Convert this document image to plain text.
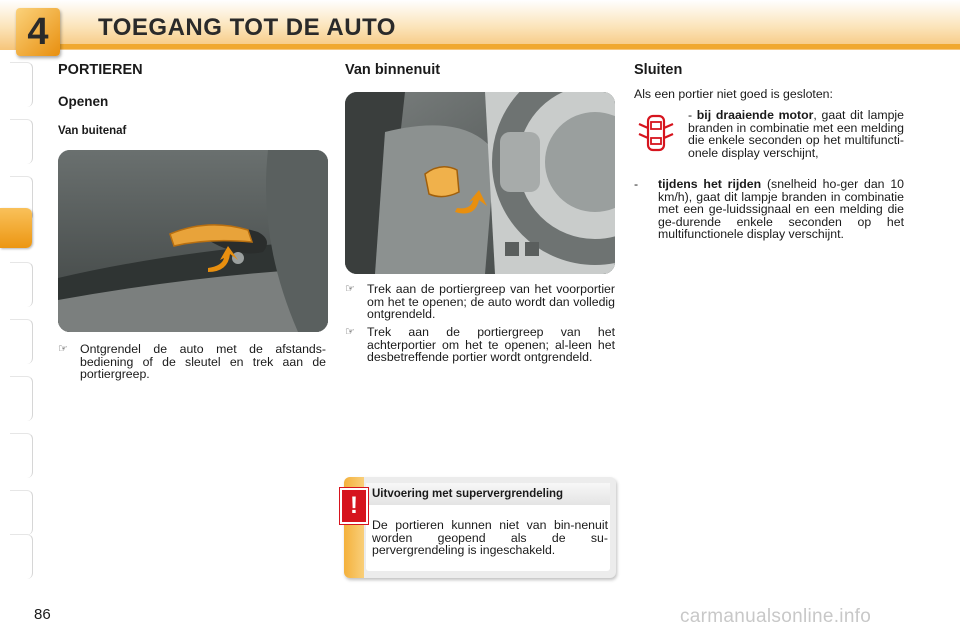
4	TOEGANG TOT DE AUTO
PORTIEREN
Openen
Van buitenaf
☞ Ontgrendel de auto met de afstands-bediening of de sleutel en trek aan de portiergreep.
Van binnenuit
☞ Trek aan de portiergreep van het voorportier om het te openen; de auto wordt dan volledig ontgrendeld.
☞ Trek aan de portiergreep van het achterportier om het te openen; al-leen het desbetreffende portier wordt ontgrendeld.
Sluiten
Als een portier niet goed is gesloten:
- bij draaiende motor, gaat dit lampje branden in combinatie met een melding die enkele seconden op het multifuncti-onele display verschijnt,
-	tijdens het rijden (snelheid ho-ger dan 10 km/h), gaat dit lampje branden in combinatie met een ge-luidssignaal en een melding die ge-durende enkele seconden op het multifunctionele display verschijnt.
Uitvoering met supervergrendeling
De portieren kunnen niet van bin-nenuit worden geopend als de su-pervergrendeling is ingeschakeld.
!
86	carmanualsonline.info
